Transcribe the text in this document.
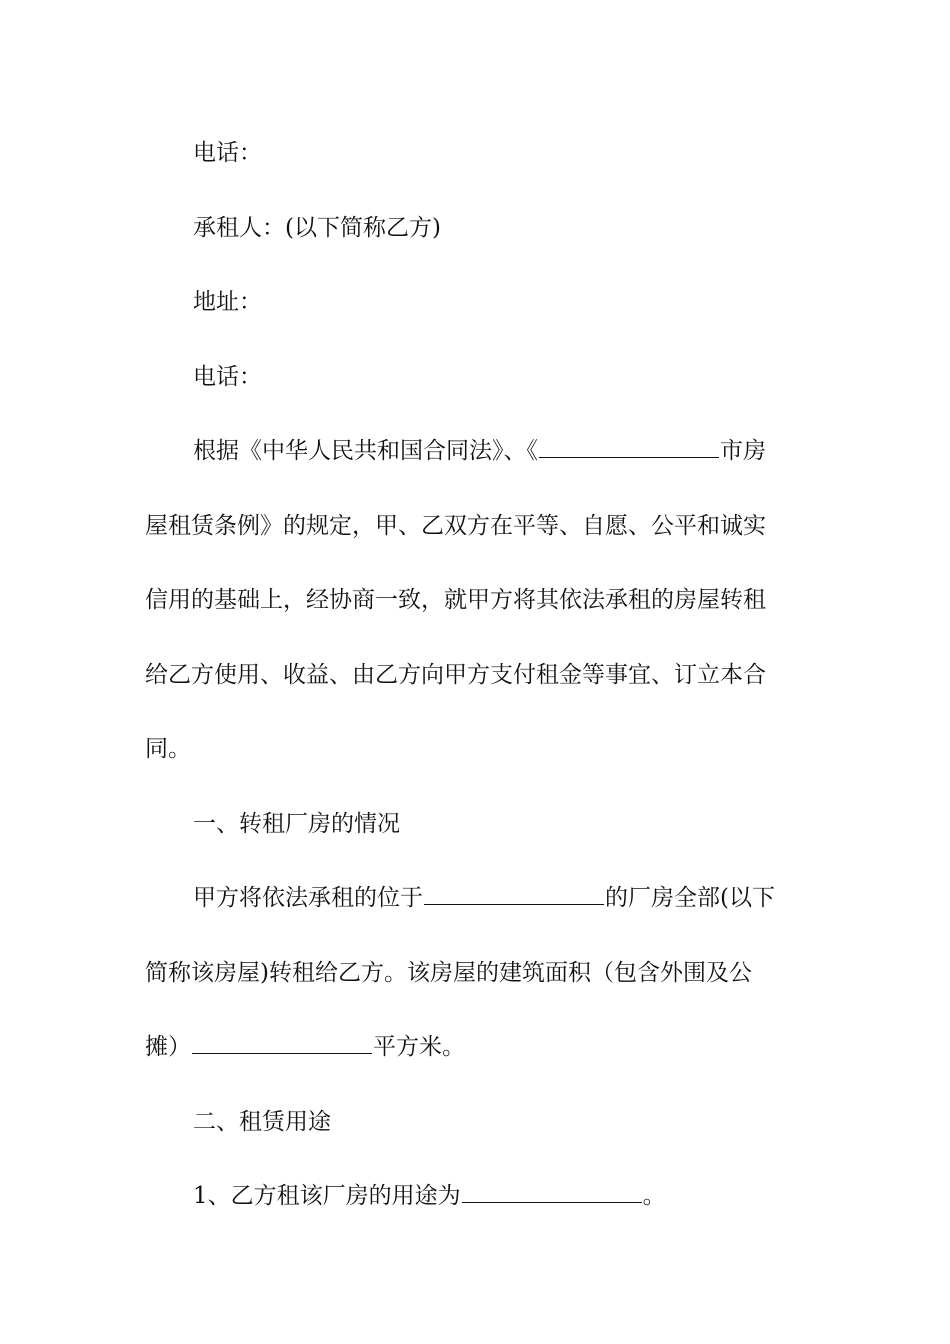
电话：

承租人：(以下简称乙方)

地址：

电话：

根据《中华人民共和国合同法》、《	市房

屋租赁条例》的规定，甲、乙双方在平等、自愿、公平和诚实

信用的基础上，经协商一致，就甲方将其依法承租的房屋转租

给乙方使用、收益、由乙方向甲方支付租金等事宜、订立本合

同。

一、转租厂房的情况

甲方将依法承租的位于	的厂房全部(以下

简称该房屋)转租给乙方。该房屋的建筑面积（包含外围及公

摊）	平方米。

二、租赁用途

1、乙方租该厂房的用途为	。
